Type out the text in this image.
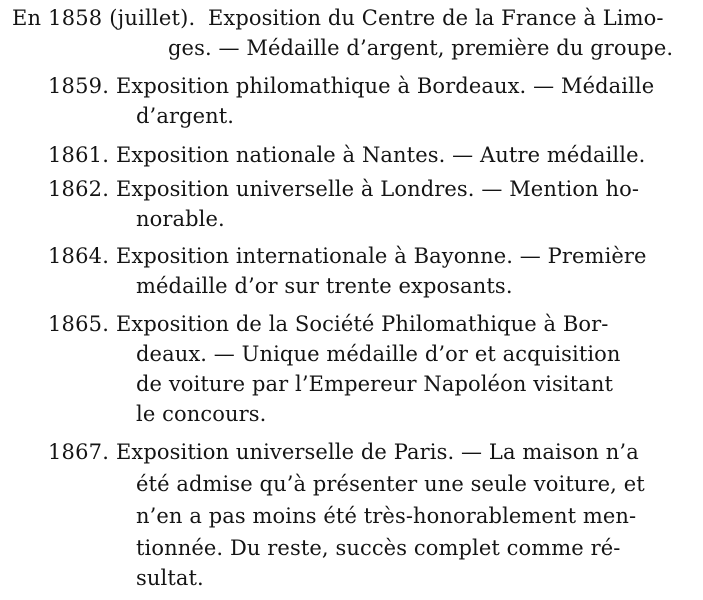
En 1858 (juillet). Exposition du Centre de la France à Limo-
ges. — Médaille d’argent, première du groupe.
1859. Exposition philomathique à Bordeaux. — Médaille
d’argent.
1861. Exposition nationale à Nantes. — Autre médaille.
1862. Exposition universelle à Londres. — Mention ho-
norable.
1864. Exposition internationale à Bayonne. — Première
médaille d’or sur trente exposants.
1865. Exposition de la Société Philomathique à Bor-
deaux. — Unique médaille d’or et acquisition
de voiture par l’Empereur Napoléon visitant
le concours.
1867. Exposition universelle de Paris. — La maison n’a
été admise qu’à présenter une seule voiture, et
n’en a pas moins été très-honorablement men-
tionnée. Du reste, succès complet comme ré-
sultat.
